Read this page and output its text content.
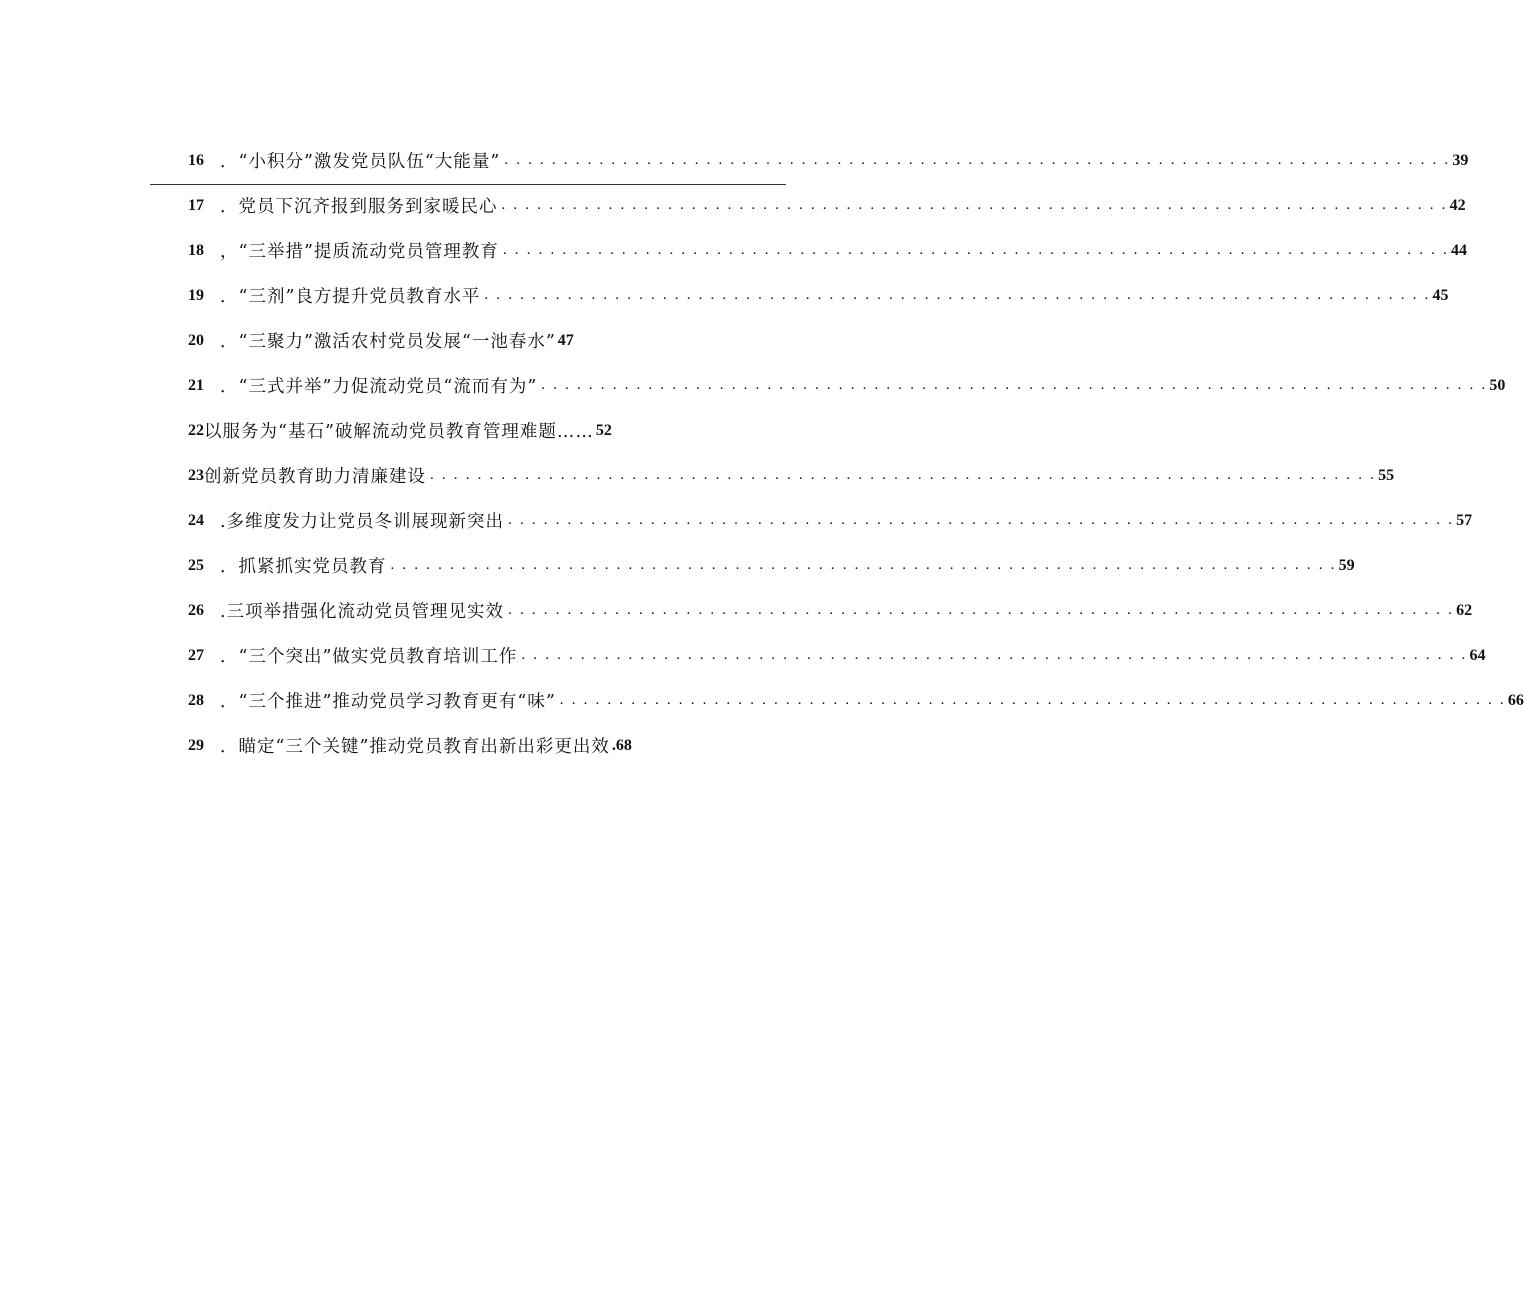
16 ．“小积分”激发党员队伍“大能量” . . .	39
17 ．党员下沉齐报到服务到家暖民心 . . .	42
18 ，“三举措”提质流动党员管理教育 . . .	44
19 ．“三剂”良方提升党员教育水平 . . .	45
20 ．“三聚力”激活农村党员发展“一池春水” 47
21 ．“三式并举”力促流动党员“流而有为” . . .	50
22 以服务为“基石”破解流动党员教育管理难题…… 52
23 创新党员教育助力清廉建设 . . .	55
24 .多维度发力让党员冬训展现新突出 . . .	57
25 ．抓紧抓实党员教育 . . .	59
26 .三项举措强化流动党员管理见实效 . . .	62
27 ．“三个突出”做实党员教育培训工作 . . .	64
28 ．“三个推进”推动党员学习教育更有“味” . . .	66
29 ．瞄定“三个关键”推动党员教育出新出彩更出效 .68
